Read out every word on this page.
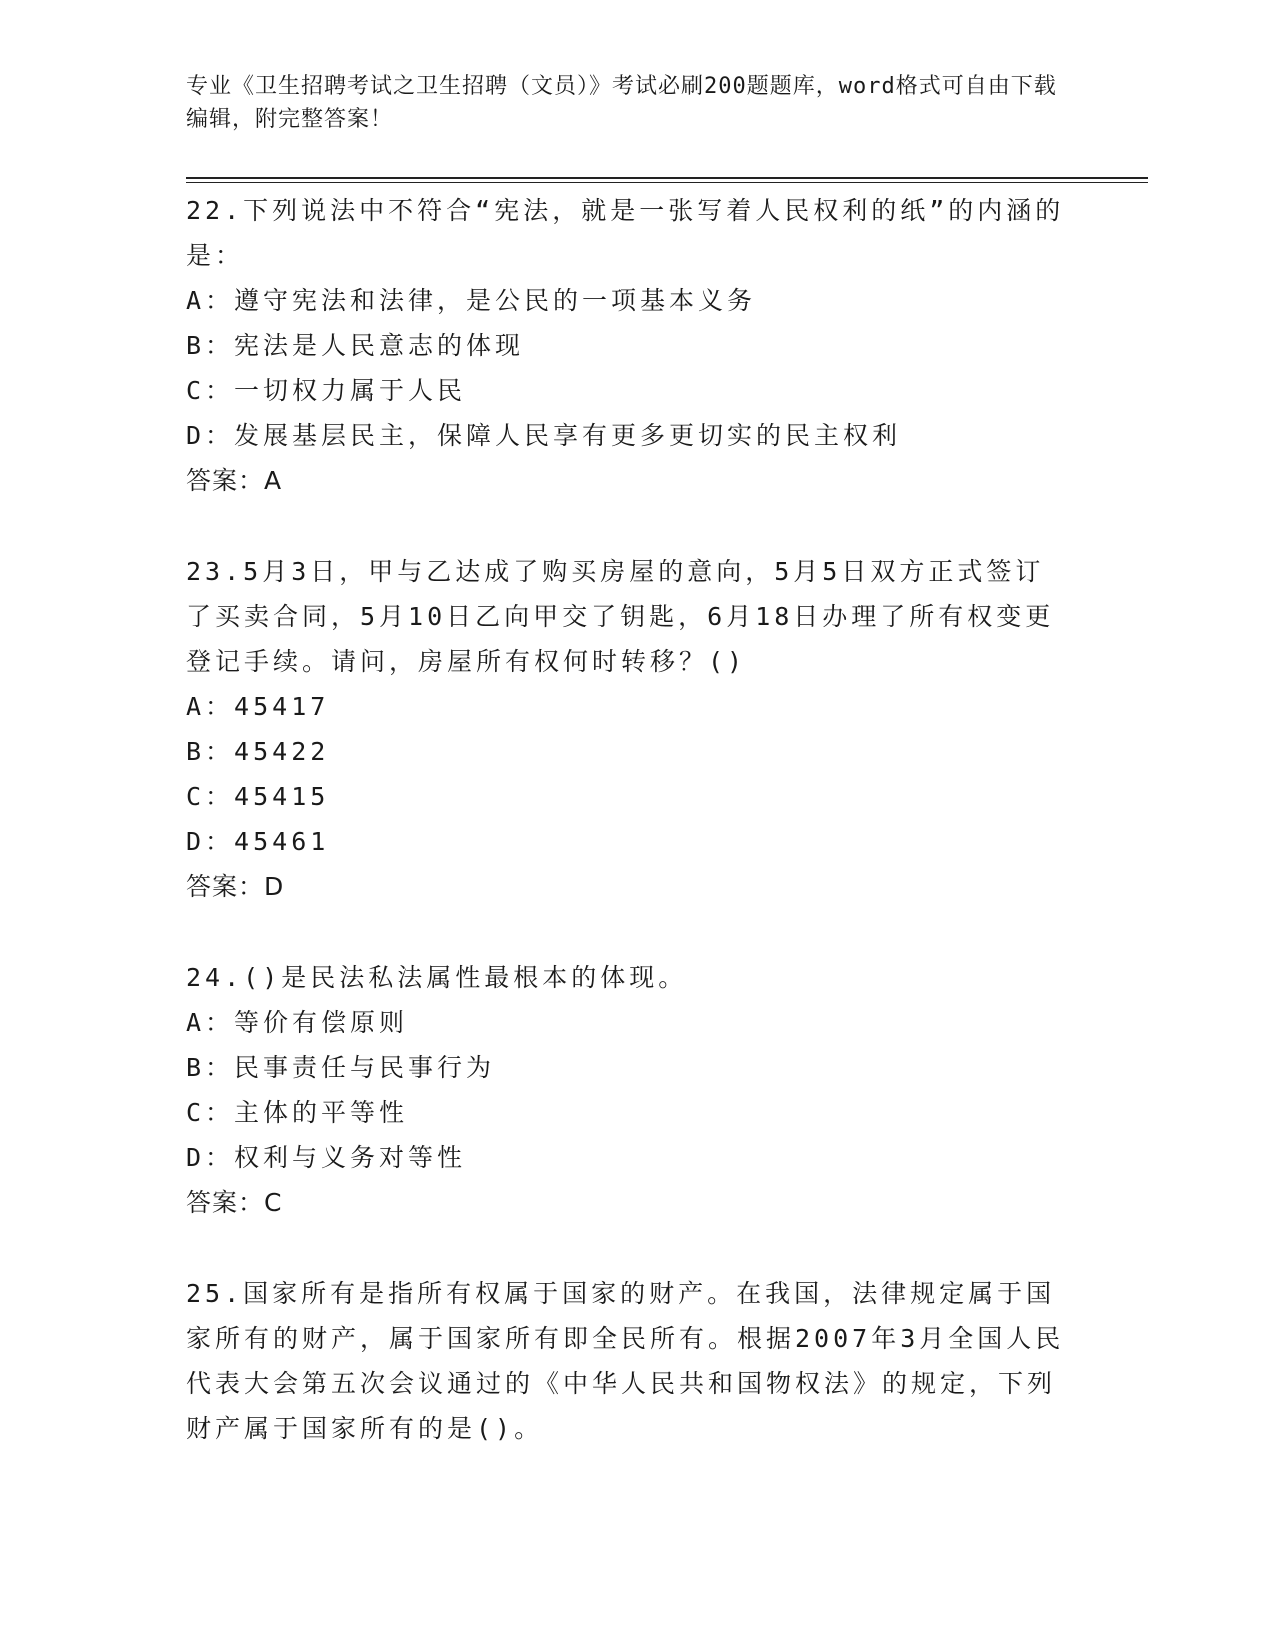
专业《卫生招聘考试之卫生招聘（文员）》考试必刷200题题库，word格式可自由下载编辑，附完整答案！
22.下列说法中不符合“宪法，就是一张写着人民权利的纸”的内涵的是：
A：遵守宪法和法律，是公民的一项基本义务
B：宪法是人民意志的体现
C：一切权力属于人民
D：发展基层民主，保障人民享有更多更切实的民主权利
答案：A
23.5月3日，甲与乙达成了购买房屋的意向，5月5日双方正式签订了买卖合同，5月10日乙向甲交了钥匙，6月18日办理了所有权变更登记手续。请问，房屋所有权何时转移？()
A：45417
B：45422
C：45415
D：45461
答案：D
24.()是民法私法属性最根本的体现。
A：等价有偿原则
B：民事责任与民事行为
C：主体的平等性
D：权利与义务对等性
答案：C
25.国家所有是指所有权属于国家的财产。在我国，法律规定属于国家所有的财产，属于国家所有即全民所有。根据2007年3月全国人民代表大会第五次会议通过的《中华人民共和国物权法》的规定，下列财产属于国家所有的是()。
